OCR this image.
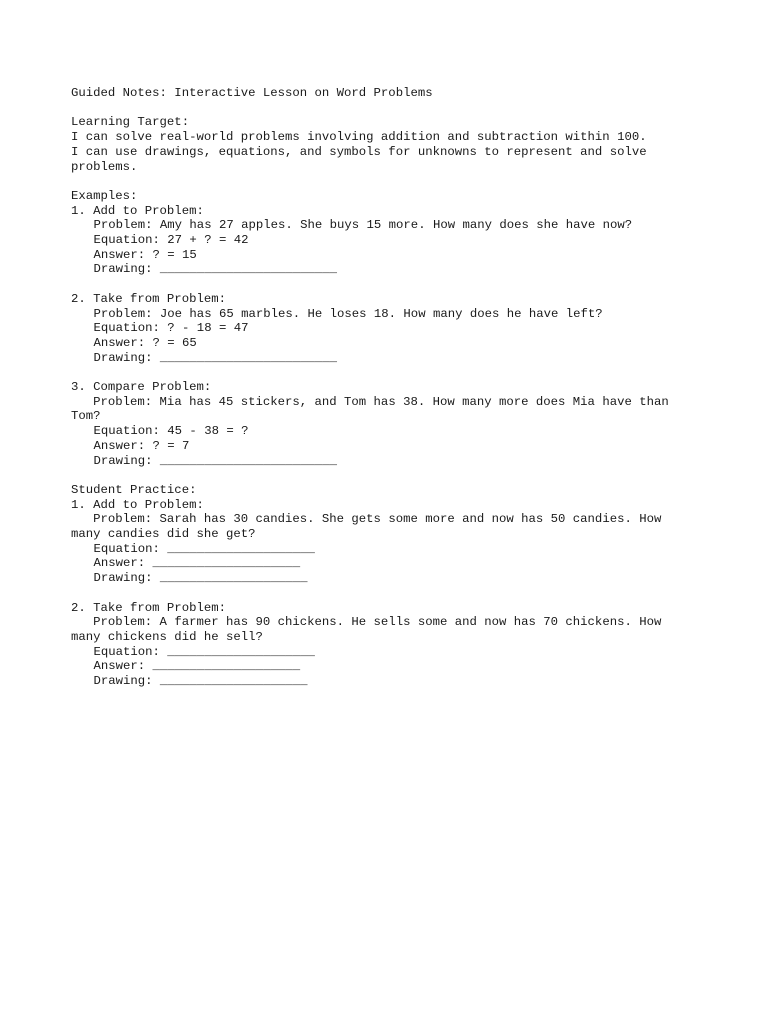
Guided Notes: Interactive Lesson on Word Problems
Learning Target:
I can solve real-world problems involving addition and subtraction within 100.
I can use drawings, equations, and symbols for unknowns to represent and solve problems.
Examples:
1. Add to Problem:
Problem: Amy has 27 apples. She buys 15 more. How many does she have now?
Equation: 27 + ? = 42
Answer: ? = 15
Drawing: ________________________
2. Take from Problem:
Problem: Joe has 65 marbles. He loses 18. How many does he have left?
Equation: ? - 18 = 47
Answer: ? = 65
Drawing: ________________________
3. Compare Problem:
Problem: Mia has 45 stickers, and Tom has 38. How many more does Mia have than Tom?
Equation: 45 - 38 = ?
Answer: ? = 7
Drawing: ________________________
Student Practice:
1. Add to Problem:
Problem: Sarah has 30 candies. She gets some more and now has 50 candies. How many candies did she get?
Equation: ____________________
Answer: ____________________
Drawing: ____________________
2. Take from Problem:
Problem: A farmer has 90 chickens. He sells some and now has 70 chickens. How many chickens did he sell?
Equation: ____________________
Answer: ____________________
Drawing: ____________________
